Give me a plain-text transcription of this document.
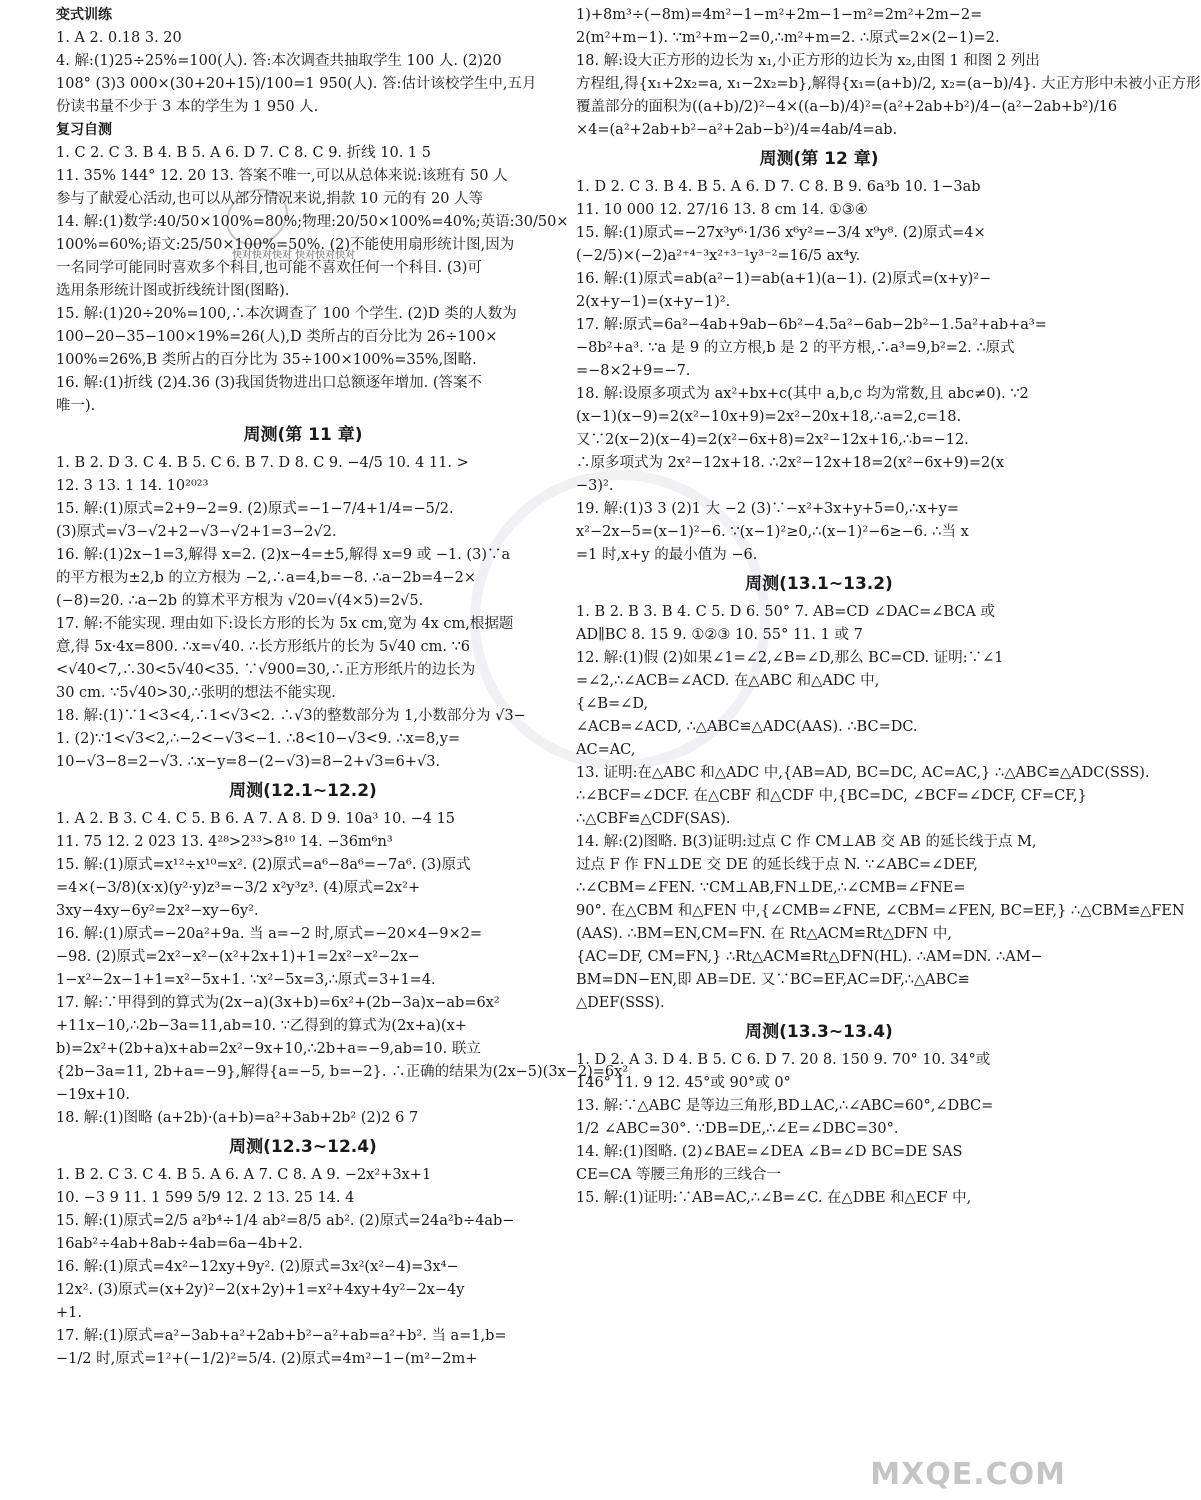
快对快对快对 快对快对快对
变式训练
1. A 2. 0.18 3. 20
4. 解:(1)25÷25%=100(人). 答:本次调查共抽取学生 100 人. (2)20
108° (3)3 000×(30+20+15)/100=1 950(人). 答:估计该校学生中,五月
份读书量不少于 3 本的学生为 1 950 人.
复习自测
1. C 2. C 3. B 4. B 5. A 6. D 7. C 8. C 9. 折线 10. 1 5
11. 35% 144° 12. 20 13. 答案不唯一,可以从总体来说:该班有 50 人
参与了献爱心活动,也可以从部分情况来说,捐款 10 元的有 20 人等
14. 解:(1)数学:40/50×100%=80%;物理:20/50×100%=40%;英语:30/50×
100%=60%;语文:25/50×100%=50%. (2)不能使用扇形统计图,因为
一名同学可能同时喜欢多个科目,也可能不喜欢任何一个科目. (3)可
选用条形统计图或折线统计图(图略).
15. 解:(1)20÷20%=100,∴本次调查了 100 个学生. (2)D 类的人数为
100−20−35−100×19%=26(人),D 类所占的百分比为 26÷100×
100%=26%,B 类所占的百分比为 35÷100×100%=35%,图略.
16. 解:(1)折线 (2)4.36 (3)我国货物进出口总额逐年增加. (答案不
唯一).
周测(第 11 章)
1. B 2. D 3. C 4. B 5. C 6. B 7. D 8. C 9. −4/5 10. 4 11. >
12. 3 13. 1 14. 10²⁰²³
15. 解:(1)原式=2+9−2=9. (2)原式=−1−7/4+1/4=−5/2.
(3)原式=√3−√2+2−√3−√2+1=3−2√2.
16. 解:(1)2x−1=3,解得 x=2. (2)x−4=±5,解得 x=9 或 −1. (3)∵a
的平方根为±2,b 的立方根为 −2,∴a=4,b=−8. ∴a−2b=4−2×
(−8)=20. ∴a−2b 的算术平方根为 √20=√(4×5)=2√5.
17. 解:不能实现. 理由如下:设长方形的长为 5x cm,宽为 4x cm,根据题
意,得 5x·4x=800. ∴x=√40. ∴长方形纸片的长为 5√40 cm. ∵6
<√40<7,∴30<5√40<35. ∵√900=30,∴正方形纸片的边长为
30 cm. ∵5√40>30,∴张明的想法不能实现.
18. 解:(1)∵1<3<4,∴1<√3<2. ∴√3的整数部分为 1,小数部分为 √3−
1. (2)∵1<√3<2,∴−2<−√3<−1. ∴8<10−√3<9. ∴x=8,y=
10−√3−8=2−√3. ∴x−y=8−(2−√3)=8−2+√3=6+√3.
周测(12.1~12.2)
1. A 2. B 3. C 4. C 5. B 6. A 7. A 8. D 9. 10a³ 10. −4 15
11. 75 12. 2 023 13. 4²⁸>2³³>8¹⁰ 14. −36m⁶n³
15. 解:(1)原式=x¹²÷x¹⁰=x². (2)原式=a⁶−8a⁶=−7a⁶. (3)原式
=4×(−3/8)(x·x)(y²·y)z³=−3/2 x²y³z³. (4)原式=2x²+
3xy−4xy−6y²=2x²−xy−6y².
16. 解:(1)原式=−20a²+9a. 当 a=−2 时,原式=−20×4−9×2=
−98. (2)原式=2x²−x²−(x²+2x+1)+1=2x²−x²−2x−
1−x²−2x−1+1=x²−5x+1. ∵x²−5x=3,∴原式=3+1=4.
17. 解:∵甲得到的算式为(2x−a)(3x+b)=6x²+(2b−3a)x−ab=6x²
+11x−10,∴2b−3a=11,ab=10. ∵乙得到的算式为(2x+a)(x+
b)=2x²+(2b+a)x+ab=2x²−9x+10,∴2b+a=−9,ab=10. 联立
{2b−3a=11, 2b+a=−9},解得{a=−5, b=−2}. ∴正确的结果为(2x−5)(3x−2)=6x²
−19x+10.
18. 解:(1)图略 (a+2b)·(a+b)=a²+3ab+2b² (2)2 6 7
周测(12.3~12.4)
1. B 2. C 3. C 4. B 5. A 6. A 7. C 8. A 9. −2x²+3x+1
10. −3 9 11. 1 599 5/9 12. 2 13. 25 14. 4
15. 解:(1)原式=2/5 a²b⁴÷1/4 ab²=8/5 ab². (2)原式=24a²b÷4ab−
16ab²÷4ab+8ab÷4ab=6a−4b+2.
16. 解:(1)原式=4x²−12xy+9y². (2)原式=3x²(x²−4)=3x⁴−
12x². (3)原式=(x+2y)²−2(x+2y)+1=x²+4xy+4y²−2x−4y
+1.
17. 解:(1)原式=a²−3ab+a²+2ab+b²−a²+ab=a²+b². 当 a=1,b=
−1/2 时,原式=1²+(−1/2)²=5/4. (2)原式=4m²−1−(m²−2m+
1)+8m³÷(−8m)=4m²−1−m²+2m−1−m²=2m²+2m−2=
2(m²+m−1). ∵m²+m−2=0,∴m²+m=2. ∴原式=2×(2−1)=2.
18. 解:设大正方形的边长为 x₁,小正方形的边长为 x₂,由图 1 和图 2 列出
方程组,得{x₁+2x₂=a, x₁−2x₂=b},解得{x₁=(a+b)/2, x₂=(a−b)/4}. 大正方形中未被小正方形
覆盖部分的面积为((a+b)/2)²−4×((a−b)/4)²=(a²+2ab+b²)/4−(a²−2ab+b²)/16
×4=(a²+2ab+b²−a²+2ab−b²)/4=4ab/4=ab.
周测(第 12 章)
1. D 2. C 3. B 4. B 5. A 6. D 7. C 8. B 9. 6a³b 10. 1−3ab
11. 10 000 12. 27/16 13. 8 cm 14. ①③④
15. 解:(1)原式=−27x³y⁶·1/36 x⁶y²=−3/4 x⁹y⁸. (2)原式=4×
(−2/5)×(−2)a²⁺⁴⁻³x²⁺³⁻¹y³⁻²=16/5 ax⁴y.
16. 解:(1)原式=ab(a²−1)=ab(a+1)(a−1). (2)原式=(x+y)²−
2(x+y−1)=(x+y−1)².
17. 解:原式=6a²−4ab+9ab−6b²−4.5a²−6ab−2b²−1.5a²+ab+a³=
−8b²+a³. ∵a 是 9 的立方根,b 是 2 的平方根,∴a³=9,b²=2. ∴原式
=−8×2+9=−7.
18. 解:设原多项式为 ax²+bx+c(其中 a,b,c 均为常数,且 abc≠0). ∵2
(x−1)(x−9)=2(x²−10x+9)=2x²−20x+18,∴a=2,c=18.
又∵2(x−2)(x−4)=2(x²−6x+8)=2x²−12x+16,∴b=−12.
∴原多项式为 2x²−12x+18. ∴2x²−12x+18=2(x²−6x+9)=2(x
−3)².
19. 解:(1)3 3 (2)1 大 −2 (3)∵−x²+3x+y+5=0,∴x+y=
x²−2x−5=(x−1)²−6. ∵(x−1)²≥0,∴(x−1)²−6≥−6. ∴当 x
=1 时,x+y 的最小值为 −6.
周测(13.1~13.2)
1. B 2. B 3. B 4. C 5. D 6. 50° 7. AB=CD ∠DAC=∠BCA 或
AD∥BC 8. 15 9. ①②③ 10. 55° 11. 1 或 7
12. 解:(1)假 (2)如果∠1=∠2,∠B=∠D,那么 BC=CD. 证明:∵∠1
=∠2,∴∠ACB=∠ACD. 在△ABC 和△ADC 中,
{∠B=∠D,
∠ACB=∠ACD, ∴△ABC≌△ADC(AAS). ∴BC=DC.
AC=AC,
13. 证明:在△ABC 和△ADC 中,{AB=AD, BC=DC, AC=AC,} ∴△ABC≌△ADC(SSS).
∴∠BCF=∠DCF. 在△CBF 和△CDF 中,{BC=DC, ∠BCF=∠DCF, CF=CF,}
∴△CBF≌△CDF(SAS).
14. 解:(2)图略. B(3)证明:过点 C 作 CM⊥AB 交 AB 的延长线于点 M,
过点 F 作 FN⊥DE 交 DE 的延长线于点 N. ∵∠ABC=∠DEF,
∴∠CBM=∠FEN. ∵CM⊥AB,FN⊥DE,∴∠CMB=∠FNE=
90°. 在△CBM 和△FEN 中,{∠CMB=∠FNE, ∠CBM=∠FEN, BC=EF,} ∴△CBM≌△FEN
(AAS). ∴BM=EN,CM=FN. 在 Rt△ACM≌Rt△DFN 中,
{AC=DF, CM=FN,} ∴Rt△ACM≌Rt△DFN(HL). ∴AM=DN. ∴AM−
BM=DN−EN,即 AB=DE. 又∵BC=EF,AC=DF,∴△ABC≌
△DEF(SSS).
周测(13.3~13.4)
1. D 2. A 3. D 4. B 5. C 6. D 7. 20 8. 150 9. 70° 10. 34°或
146° 11. 9 12. 45°或 90°或 0°
13. 解:∵△ABC 是等边三角形,BD⊥AC,∴∠ABC=60°,∠DBC=
1/2 ∠ABC=30°. ∵DB=DE,∴∠E=∠DBC=30°.
14. 解:(1)图略. (2)∠BAE=∠DEA ∠B=∠D BC=DE SAS
CE=CA 等腰三角形的三线合一
15. 解:(1)证明:∵AB=AC,∴∠B=∠C. 在△DBE 和△ECF 中,
MXQE.COM
